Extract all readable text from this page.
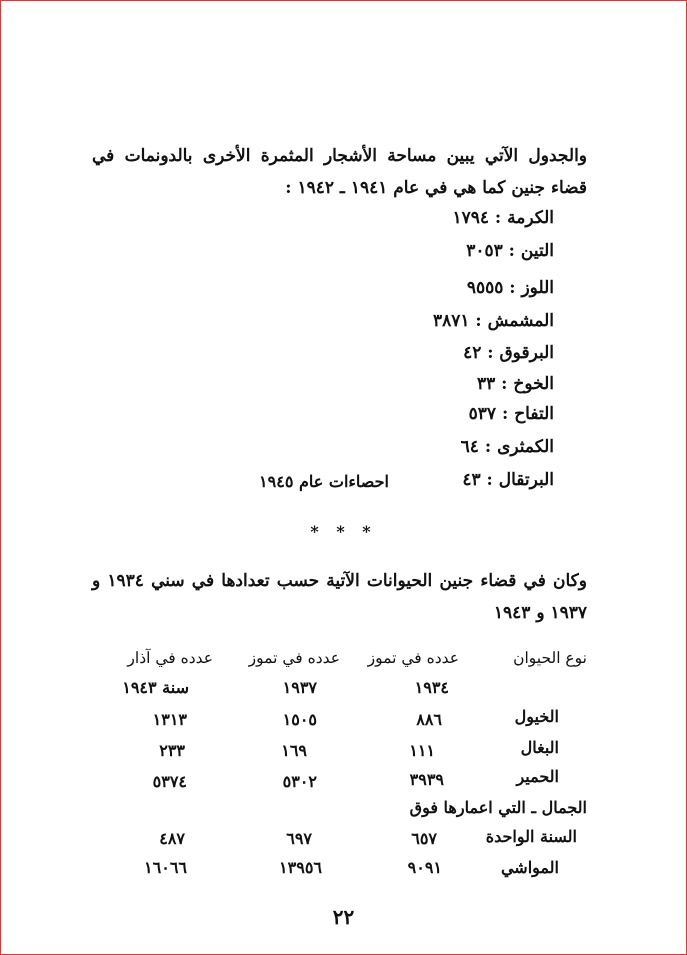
والجدول الآتي يبين مساحة الأشجار المثمرة الأخرى بالدونمات في قضاء جنين كما هي في عام ١٩٤١ ـ ١٩٤٢ :
الكرمة : ١٧٩٤
التين : ٣٠٥٣
اللوز : ٩٥٥٥
المشمش : ٣٨٧١
البرقوق : ٤٢
الخوخ : ٣٣
التفاح : ٥٣٧
الكمثرى : ٦٤
البرتقال : ٤٣
احصاءات عام ١٩٤٥
* * *
وكان في قضاء جنين الحيوانات الآتية حسب تعدادها في سني ١٩٣٤ و ١٩٣٧ و ١٩٤٣
نوع الحيوان
عدده في تموز
عدده في تموز
عدده في آذار
١٩٣٤
١٩٣٧
سنة ١٩٤٣
الخيول
٨٨٦
١٥٠٥
١٣١٣
البغال
١١١
١٦٩
٢٣٣
الحمير
٣٩٣٩
٥٣٠٢
٥٣٧٤
الجمال ـ التي اعمارها فوق
السنة الواحدة
٦٥٧
٦٩٧
٤٨٧
المواشي
٩٠٩١
١٣٩٥٦
١٦٠٦٦
٢٢
